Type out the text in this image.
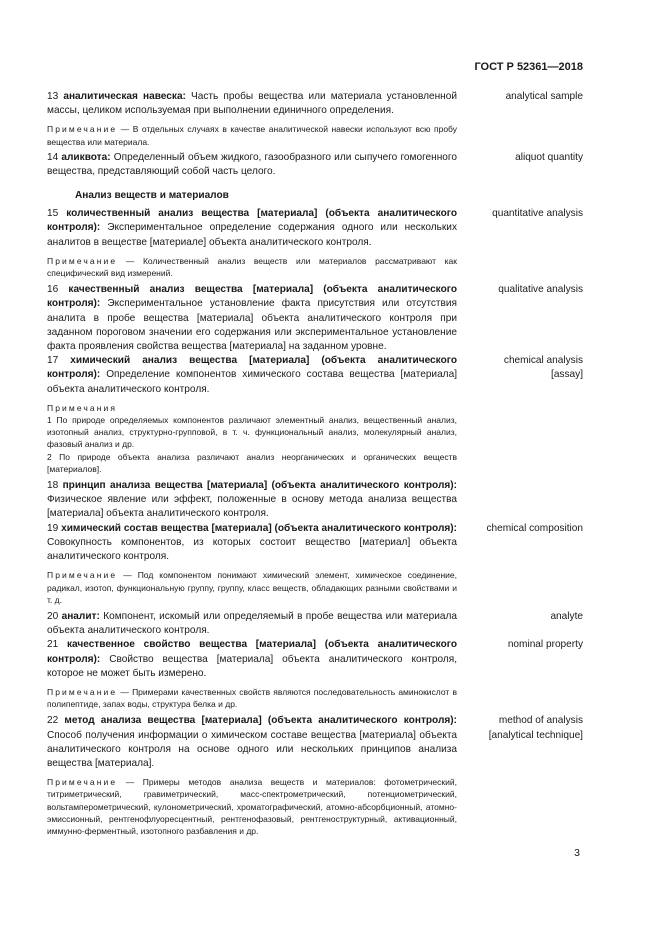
ГОСТ Р 52361—2018
13 аналитическая навеска: Часть пробы вещества или материала установленной массы, целиком используемая при выполнении единичного определения.
analytical sample
Примечание — В отдельных случаях в качестве аналитической навески используют всю пробу вещества или материала.
14 аликвота: Определенный объем жидкого, газообразного или сыпучего гомогенного вещества, представляющий собой часть целого.
aliquot quantity
Анализ веществ и материалов
15 количественный анализ вещества [материала] (объекта аналитического контроля): Экспериментальное определение содержания одного или нескольких аналитов в веществе [материале] объекта аналитического контроля.
quantitative analysis
Примечание — Количественный анализ веществ или материалов рассматривают как специфический вид измерений.
16 качественный анализ вещества [материала] (объекта аналитического контроля): Экспериментальное установление факта присутствия или отсутствия аналита в пробе вещества [материала] объекта аналитического контроля при заданном пороговом значении его содержания или экспериментальное установление факта проявления свойства вещества [материала] на заданном уровне.
qualitative analysis
17 химический анализ вещества [материала] (объекта аналитического контроля): Определение компонентов химического состава вещества [материала] объекта аналитического контроля.
chemical analysis
[assay]
Примечания
1 По природе определяемых компонентов различают элементный анализ, вещественный анализ, изотопный анализ, структурно-групповой, в т. ч. функциональный анализ, молекулярный анализ, фазовый анализ и др.
2 По природе объекта анализа различают анализ неорганических и органических веществ [материалов].
18 принцип анализа вещества [материала] (объекта аналитического контроля): Физическое явление или эффект, положенные в основу метода анализа вещества [материала] объекта аналитического контроля.
19 химический состав вещества [материала] (объекта аналитического контроля): Совокупность компонентов, из которых состоит вещество [материал] объекта аналитического контроля.
chemical composition
Примечание — Под компонентом понимают химический элемент, химическое соединение, радикал, изотоп, функциональную группу, группу, класс веществ, обладающих разными свойствами и т. д.
20 аналит: Компонент, искомый или определяемый в пробе вещества или материала объекта аналитического контроля.
analyte
21 качественное свойство вещества [материала] (объекта аналитического контроля): Свойство вещества [материала] объекта аналитического контроля, которое не может быть измерено.
nominal property
Примечание — Примерами качественных свойств являются последовательность аминокислот в полипептиде, запах воды, структура белка и др.
22 метод анализа вещества [материала] (объекта аналитического контроля): Способ получения информации о химическом составе вещества [материала] объекта аналитического контроля на основе одного или нескольких принципов анализа вещества [материала].
method of analysis
[analytical technique]
Примечание — Примеры методов анализа веществ и материалов: фотометрический, титриметрический, гравиметрический, масс-спектрометрический, потенциометрический, вольтамперометрический, кулонометрический, хроматографический, атомно-абсорбционный, атомно-эмиссионный, рентгенофлуоресцентный, рентгенофазовый, рентгеноструктурный, активационный, иммунно-ферментный, изотопного разбавления и др.
3
